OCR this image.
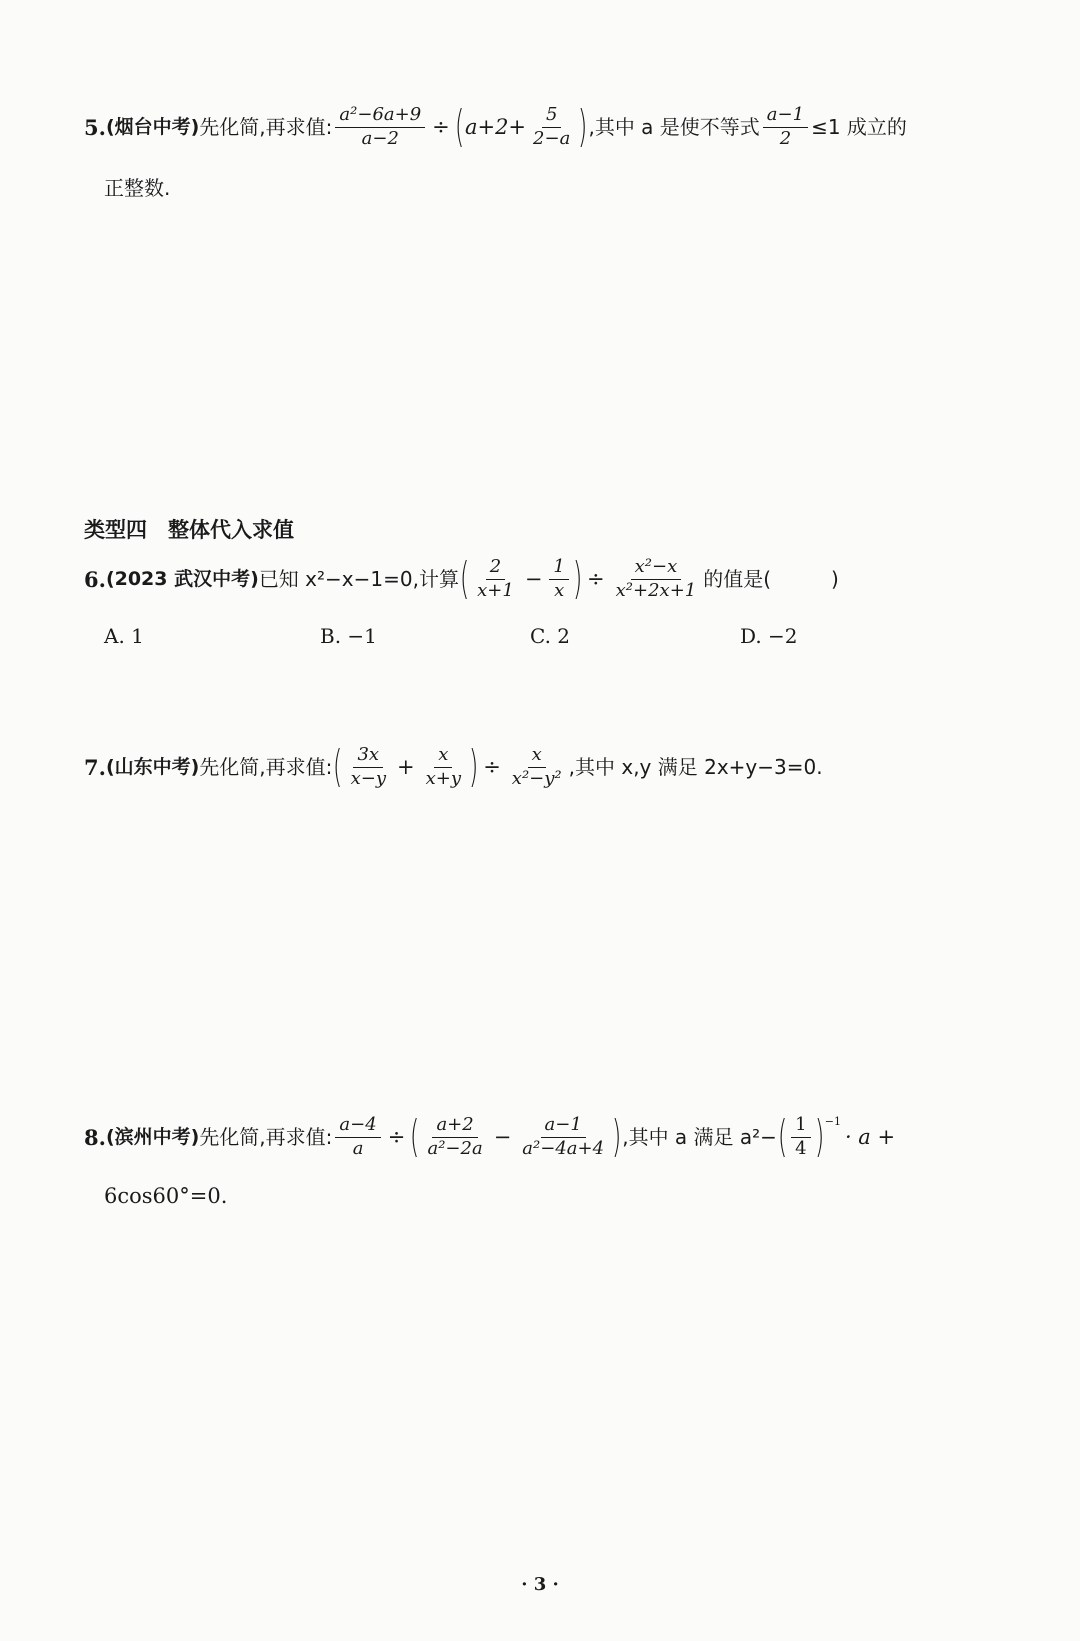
5. (烟台中考) 先化简,再求值: $\frac{\text{a²−6a+9}}{a-2}$ ÷ ( $a+2+ \frac{5}{2-a}$ ) ,其中 a 是使不等式 $\frac{a-1}{2} \le 1$ 成立的
正整数.
类型四　整体代入求值
6. (2023 武汉中考) 已知 x²−x−1=0,计算 ( $\frac{2}{x+1} - \frac{1}{x}$ ) ÷ $\frac{\text{x²−x}}{\text{x²+2x+1}}$ 的值是(　　　)
A. 1	B. −1	C. 2	D. −2
7. (山东中考) 先化简,再求值: ( $\frac{3x}{x-y} + \frac{x}{x+y}$ ) ÷ $\frac{x}{\text{x²−y²}}$ ,其中 x,y 满足 2x+y−3=0.
8. (滨州中考) 先化简,再求值: $\frac{a-4}{a}$ ÷ ( $\frac{a+2}{\text{a²−2a}} - \frac{a-1}{\text{a²−4a+4}}$ ) ,其中 a 满足 a²− ( $\frac{1}{4} )^{-1}$
· a +
6cos60°=0.
· 3 ·
